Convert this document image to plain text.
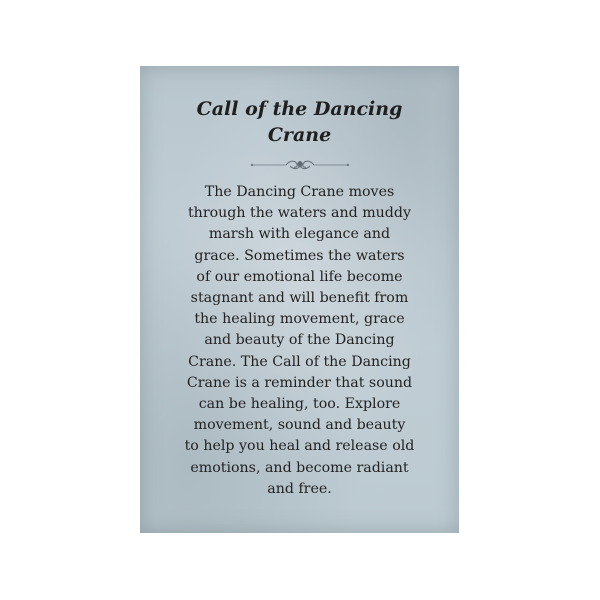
Call of the Dancing
Crane

The Dancing Crane moves
through the waters and muddy
marsh with elegance and
grace. Sometimes the waters
of our emotional life become
stagnant and will benefit from
the healing movement, grace
and beauty of the Dancing
Crane. The Call of the Dancing
Crane is a reminder that sound
can be healing, too. Explore
movement, sound and beauty
to help you heal and release old
emotions, and become radiant
and free.
